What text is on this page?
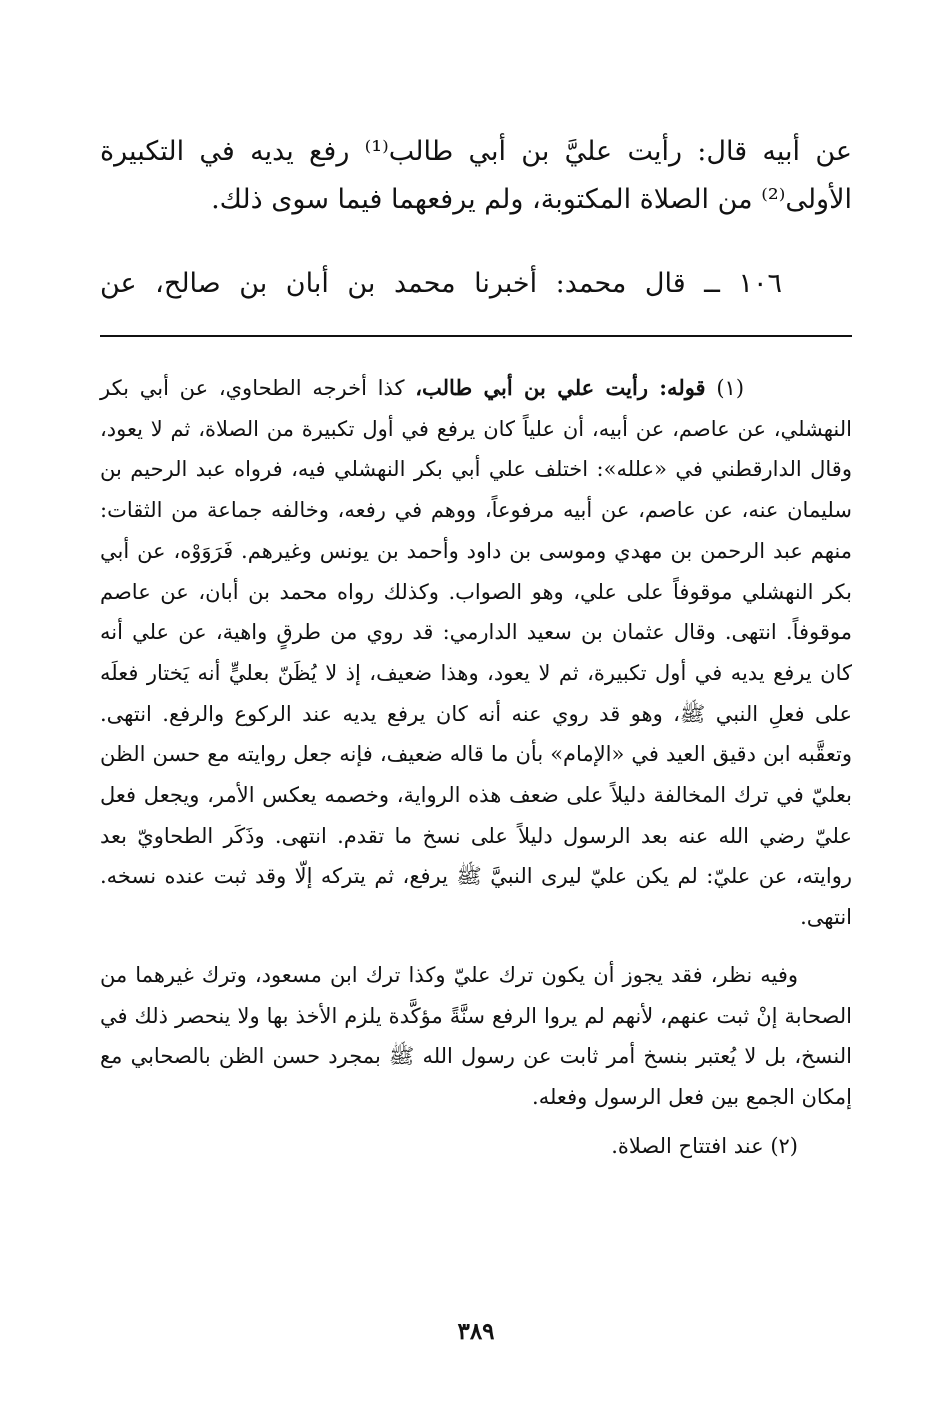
عن أبيه قال: رأيت عليَّ بن أبي طالب⁽¹⁾ رفع يديه في التكبيرة الأولى⁽²⁾ من الصلاة المكتوبة، ولم يرفعهما فيما سوى ذلك.

١٠٦ ــ قال محمد: أخبرنا محمد بن أبان بن صالح، عن

(١) قوله: رأيت علي بن أبي طالب، كذا أخرجه الطحاوي، عن أبي بكر النهشلي، عن عاصم، عن أبيه، أن علياً كان يرفع في أول تكبيرة من الصلاة، ثم لا يعود، وقال الدارقطني في «علله»: اختلف علي أبي بكر النهشلي فيه، فرواه عبد الرحيم بن سليمان عنه، عن عاصم، عن أبيه مرفوعاً، ووهم في رفعه، وخالفه جماعة من الثقات: منهم عبد الرحمن بن مهدي وموسى بن داود وأحمد بن يونس وغيرهم. فَرَوَوْه، عن أبي بكر النهشلي موقوفاً على علي، وهو الصواب. وكذلك رواه محمد بن أبان، عن عاصم موقوفاً. انتهى. وقال عثمان بن سعيد الدارمي: قد روي من طرقٍ واهية، عن علي أنه كان يرفع يديه في أول تكبيرة، ثم لا يعود، وهذا ضعيف، إذ لا يُظَنّ بعليٍّ أنه يَختار فعلَه على فعلِ النبي ﷺ، وهو قد روي عنه أنه كان يرفع يديه عند الركوع والرفع. انتهى. وتعقَّبه ابن دقيق العيد في «الإمام» بأن ما قاله ضعيف، فإنه جعل روايته مع حسن الظن بعليّ في ترك المخالفة دليلاً على ضعف هذه الرواية، وخصمه يعكس الأمر، ويجعل فعل عليّ رضي الله عنه بعد الرسول دليلاً على نسخ ما تقدم. انتهى. وذَكَر الطحاويّ بعد روايته، عن عليّ: لم يكن عليّ ليرى النبيَّ ﷺ يرفع، ثم يتركه إلّا وقد ثبت عنده نسخه. انتهى.

وفيه نظر، فقد يجوز أن يكون ترك عليّ وكذا ترك ابن مسعود، وترك غيرهما من الصحابة إنْ ثبت عنهم، لأنهم لم يروا الرفع سنَّةً مؤكَّدة يلزم الأخذ بها ولا ينحصر ذلك في النسخ، بل لا يُعتبر بنسخ أمر ثابت عن رسول الله ﷺ بمجرد حسن الظن بالصحابي مع إمكان الجمع بين فعل الرسول وفعله.

(٢) عند افتتاح الصلاة.

٣٨٩
